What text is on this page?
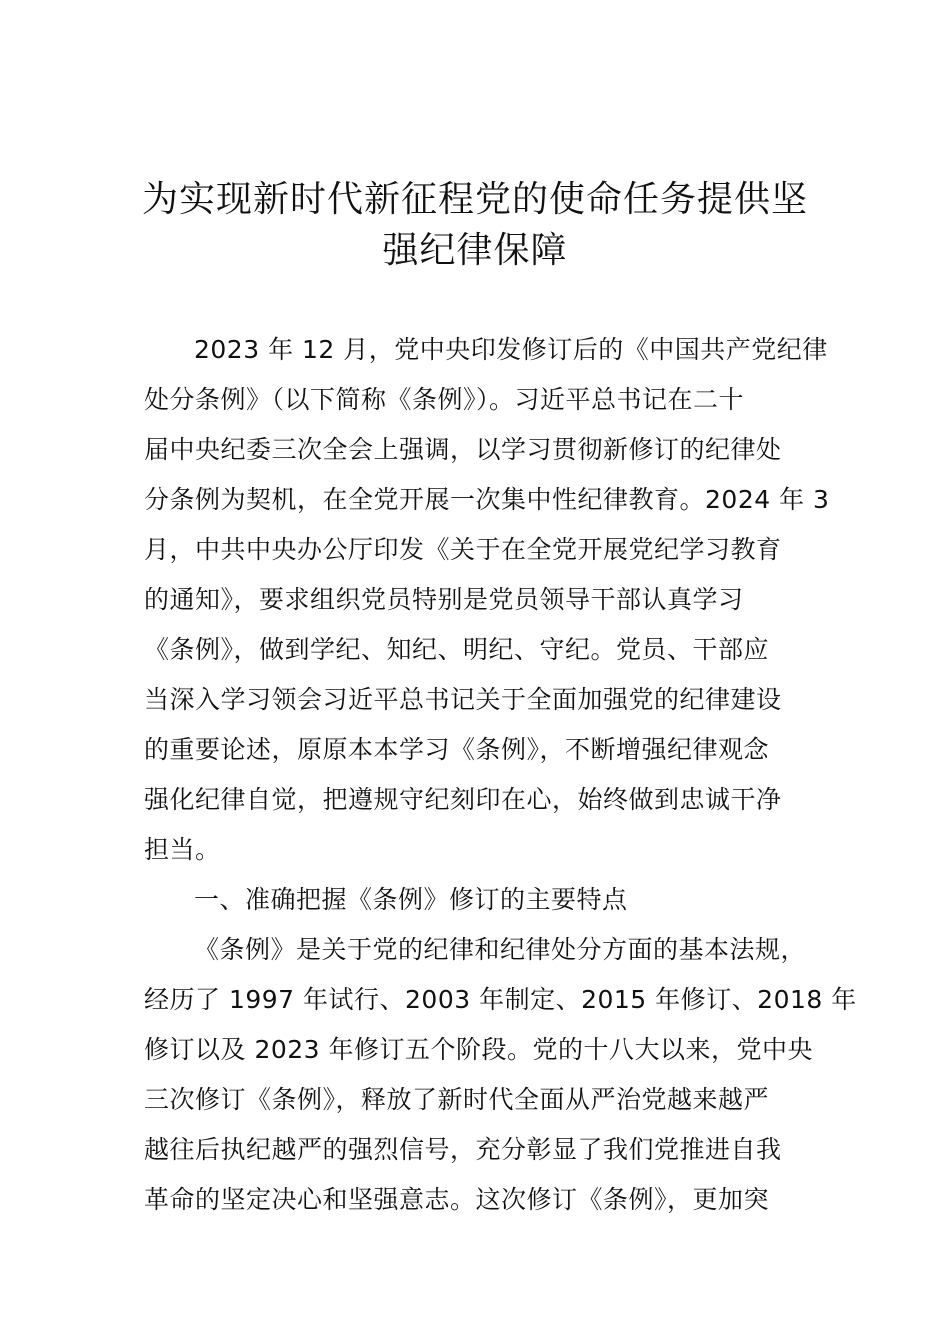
为实现新时代新征程党的使命任务提供坚
强纪律保障
2023 年 12 月，党中央印发修订后的《中国共产党纪律
处分条例》（以下简称《条例》）。习近平总书记在二十
届中央纪委三次全会上强调，以学习贯彻新修订的纪律处
分条例为契机，在全党开展一次集中性纪律教育。2024 年 3
月，中共中央办公厅印发《关于在全党开展党纪学习教育
的通知》，要求组织党员特别是党员领导干部认真学习
《条例》，做到学纪、知纪、明纪、守纪。党员、干部应
当深入学习领会习近平总书记关于全面加强党的纪律建设
的重要论述，原原本本学习《条例》，不断增强纪律观念
强化纪律自觉，把遵规守纪刻印在心，始终做到忠诚干净
担当。
一、准确把握《条例》修订的主要特点
《条例》是关于党的纪律和纪律处分方面的基本法规，
经历了 1997 年试行、2003 年制定、2015 年修订、2018 年
修订以及 2023 年修订五个阶段。党的十八大以来，党中央
三次修订《条例》，释放了新时代全面从严治党越来越严
越往后执纪越严的强烈信号，充分彰显了我们党推进自我
革命的坚定决心和坚强意志。这次修订《条例》，更加突
